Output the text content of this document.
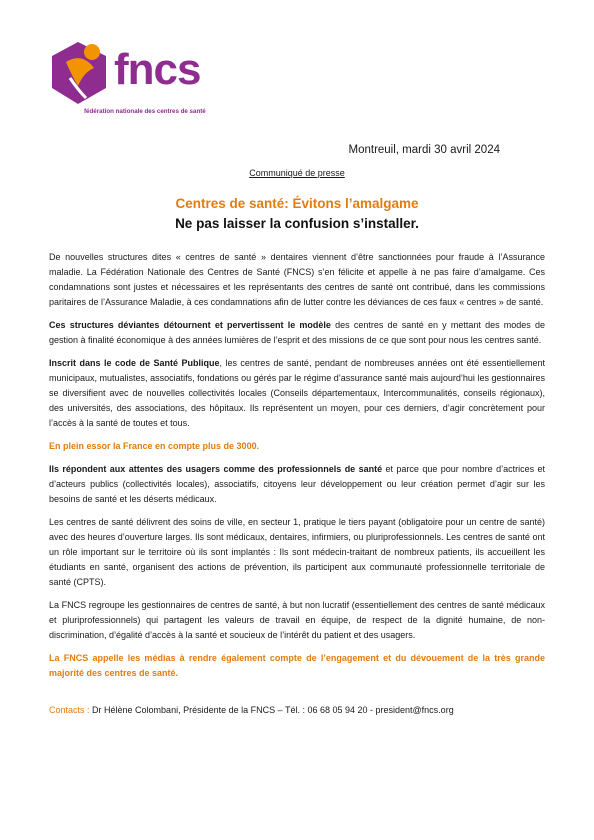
fncs
fédération nationale des centres de santé
Montreuil, mardi 30 avril 2024
Communiqué de presse
Centres de santé: Évitons l’amalgame
Ne pas laisser la confusion s’installer.

De nouvelles structures dites « centres de santé » dentaires viennent d’être sanctionnées pour fraude à l’Assurance maladie. La Fédération Nationale des Centres de Santé (FNCS) s’en félicite et appelle à ne pas faire d’amalgame. Ces condamnations sont justes et nécessaires et les représentants des centres de santé ont contribué, dans les commissions paritaires de l’Assurance Maladie, à ces condamnations afin de lutter contre les déviances de ces faux « centres » de santé.

Ces structures déviantes détournent et pervertissent le modèle des centres de santé en y mettant des modes de gestion à finalité économique à des années lumières de l’esprit et des missions de ce que sont pour nous les centres santé.

Inscrit dans le code de Santé Publique, les centres de santé, pendant de nombreuses années ont été essentiellement municipaux, mutualistes, associatifs, fondations ou gérés par le régime d’assurance santé mais aujourd’hui les gestionnaires se diversifient avec de nouvelles collectivités locales (Conseils départementaux, Intercommunalités, conseils régionaux), des universités, des associations, des hôpitaux. Ils représentent un moyen, pour ces derniers, d’agir concrètement pour l’accès à la santé de toutes et tous.

En plein essor la France en compte plus de 3000.

Ils répondent aux attentes des usagers comme des professionnels de santé et parce que pour nombre d’actrices et d’acteurs publics (collectivités locales), associatifs, citoyens leur développement ou leur création permet d’agir sur les besoins de santé et les déserts médicaux.

Les centres de santé délivrent des soins de ville, en secteur 1, pratique le tiers payant (obligatoire pour un centre de santé) avec des heures d’ouverture larges. Ils sont médicaux, dentaires, infirmiers, ou pluriprofessionnels. Les centres de santé ont un rôle important sur le territoire où ils sont implantés : Ils sont médecin-traitant de nombreux patients, ils accueillent les étudiants en santé, organisent des actions de prévention, ils participent aux communauté professionnelle territoriale de santé (CPTS).

La FNCS regroupe les gestionnaires de centres de santé, à but non lucratif (essentiellement des centres de santé médicaux et pluriprofessionnels) qui partagent les valeurs de travail en équipe, de respect de la dignité humaine, de non-discrimination, d’égalité d’accès à la santé et soucieux de l’intérêt du patient et des usagers.

La FNCS appelle les médias à rendre également compte de l’engagement et du dévouement de la très grande majorité des centres de santé.

Contacts : Dr Hélène Colombani, Présidente de la FNCS – Tél. : 06 68 05 94 20 - president@fncs.org
